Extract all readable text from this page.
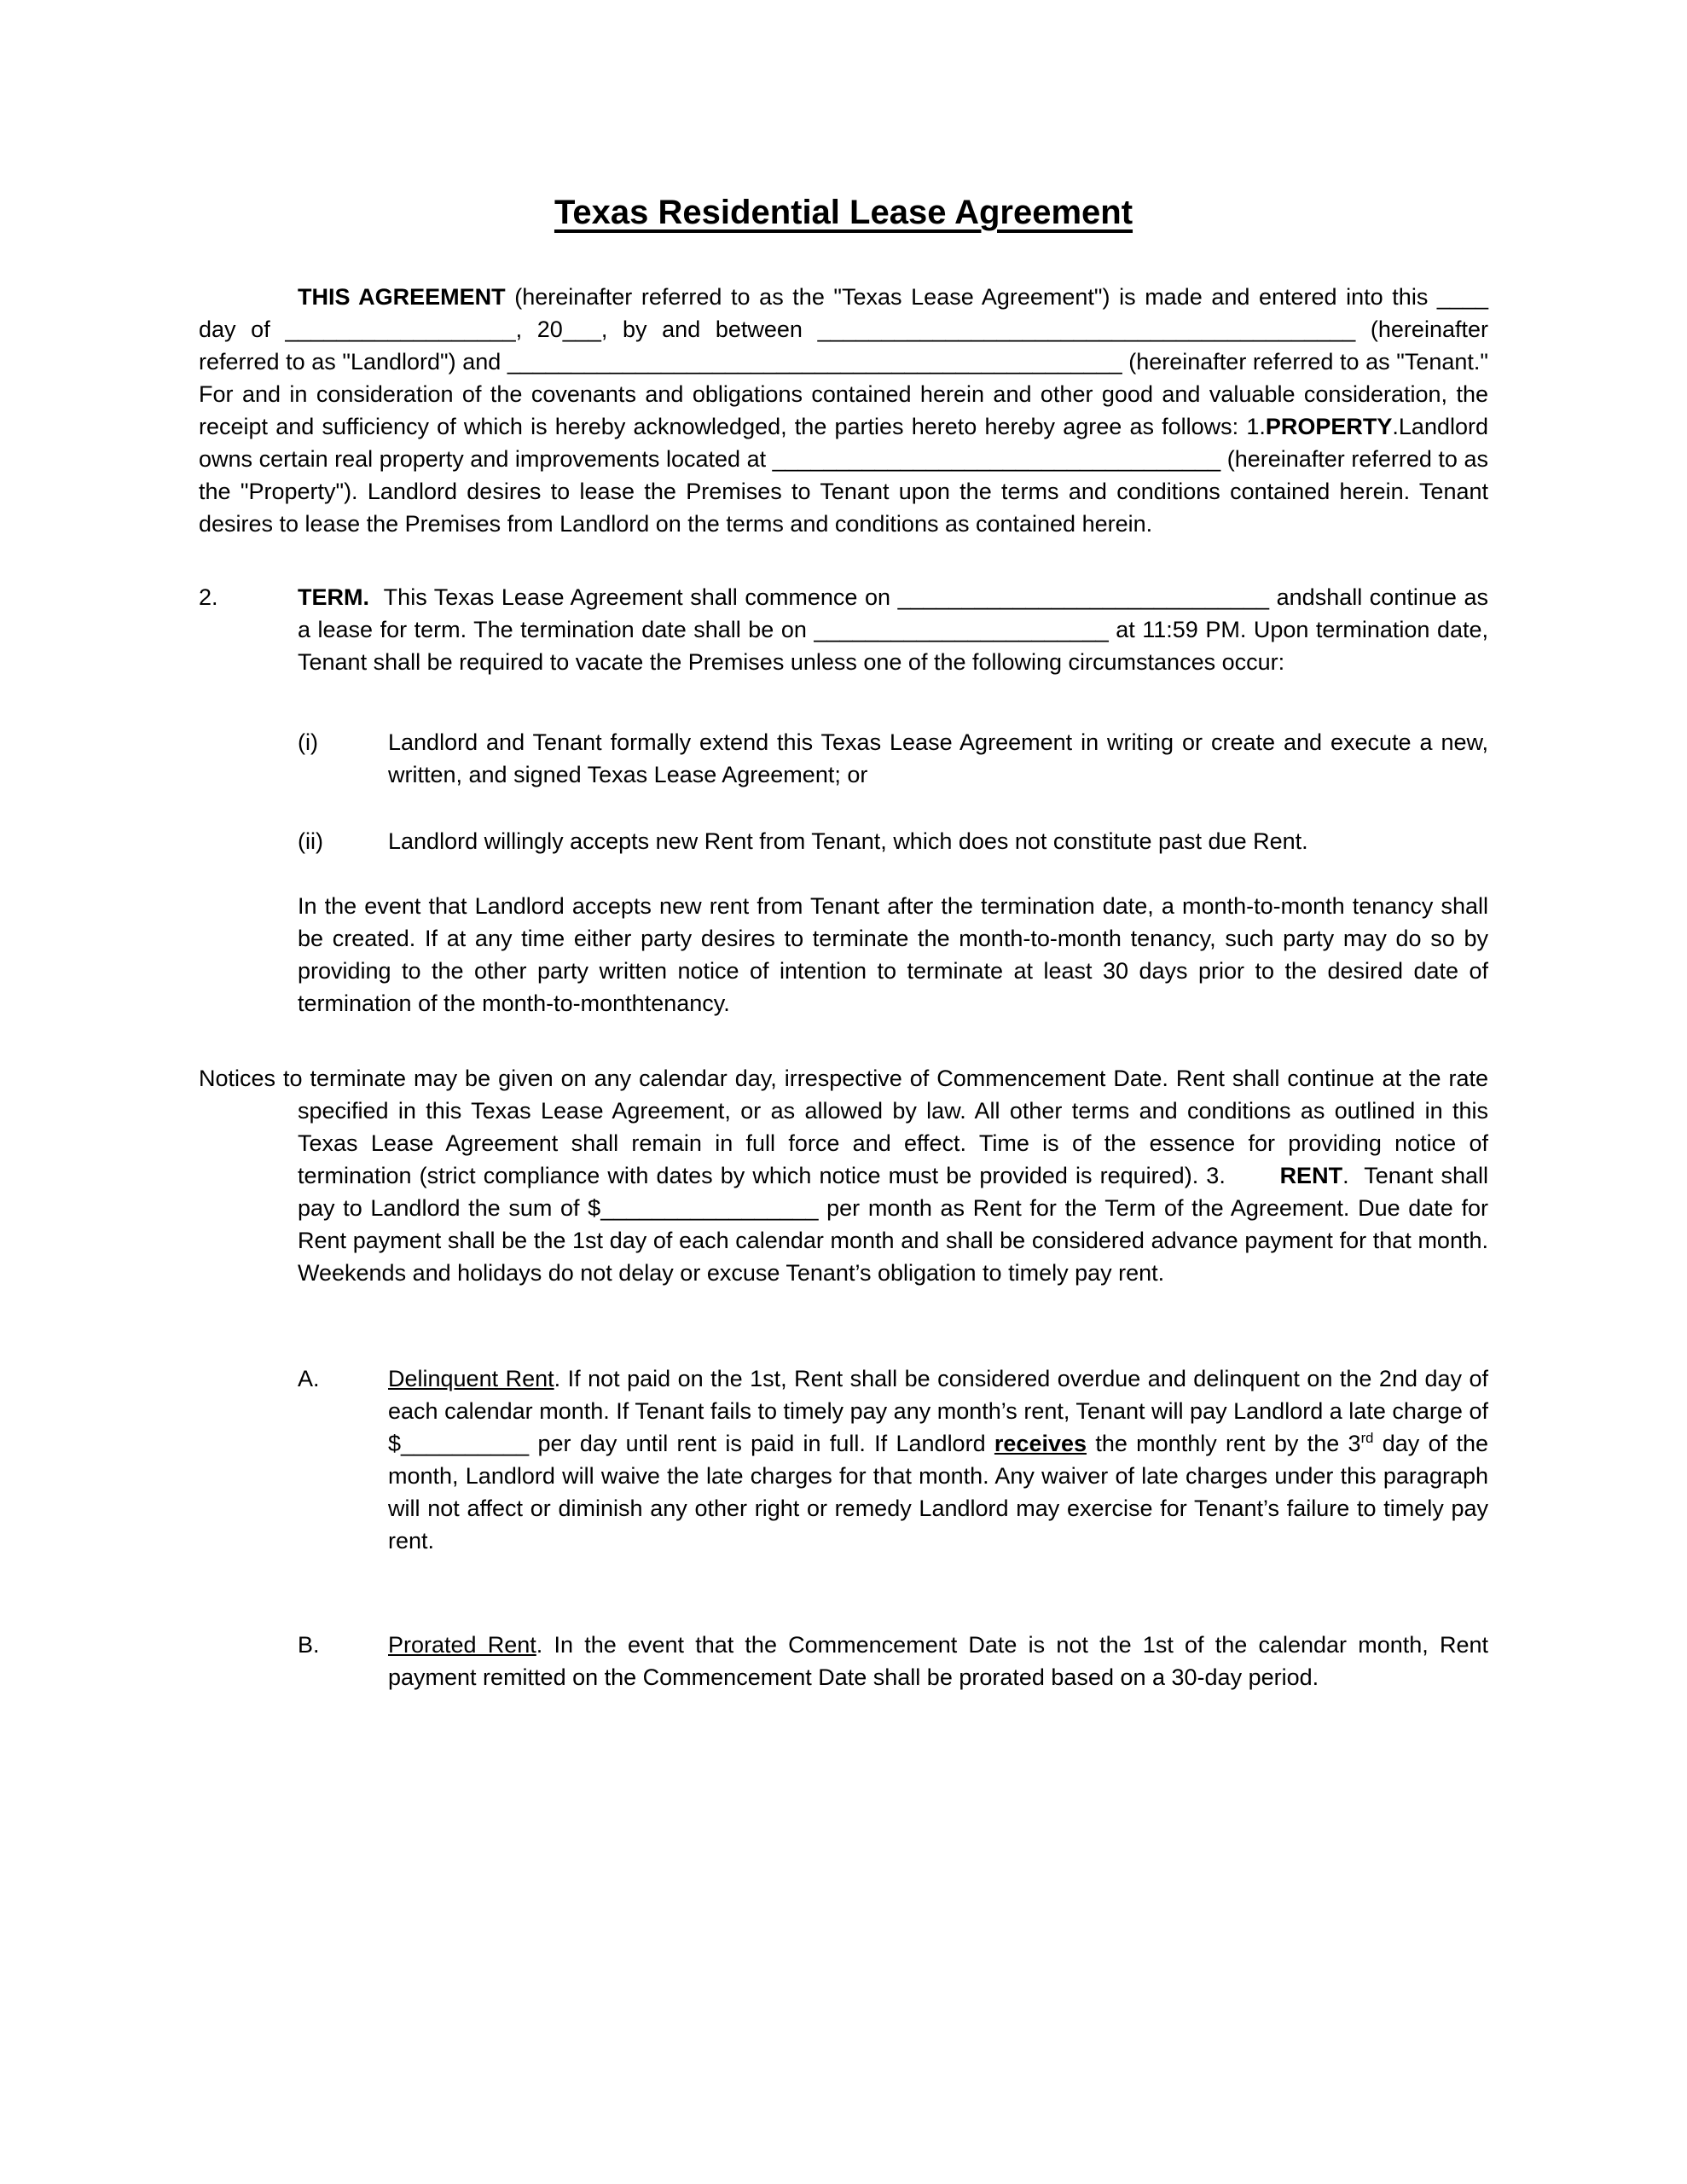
Texas Residential Lease Agreement

THIS AGREEMENT (hereinafter referred to as the "Texas Lease Agreement") is made and entered into this ____ day of __________________, 20___, by and between __________________________________________ (hereinafter referred to as "Landlord") and ________________________________________________ (hereinafter referred to as "Tenant." For and in consideration of the covenants and obligations contained herein and other good and valuable consideration, the receipt and sufficiency of which is hereby acknowledged, the parties hereto hereby agree as follows: 1.PROPERTY.Landlord owns certain real property and improvements located at ___________________________________ (hereinafter referred to as the "Property"). Landlord desires to lease the Premises to Tenant upon the terms and conditions contained herein. Tenant desires to lease the Premises from Landlord on the terms and conditions as contained herein.

2.	TERM.  This Texas Lease Agreement shall commence on _____________________________ andshall continue as a lease for term. The termination date shall be on _______________________ at 11:59 PM. Upon termination date, Tenant shall be required to vacate the Premises unless one of the following circumstances occur:

(i)	Landlord and Tenant formally extend this Texas Lease Agreement in writing or create and execute a new, written, and signed Texas Lease Agreement; or

(ii)	Landlord willingly accepts new Rent from Tenant, which does not constitute past due Rent.

In the event that Landlord accepts new rent from Tenant after the termination date, a month-to-month tenancy shall be created. If at any time either party desires to terminate the month-to-month tenancy, such party may do so by providing to the other party written notice of intention to terminate at least 30 days prior to the desired date of termination of the month-to-monthtenancy.

Notices to terminate may be given on any calendar day, irrespective of Commencement Date. Rent shall continue at the rate specified in this Texas Lease Agreement, or as allowed by law. All other terms and conditions as outlined in this Texas Lease Agreement shall remain in full force and effect. Time is of the essence for providing notice of termination (strict compliance with dates by which notice must be provided is required). 3.       RENT.  Tenant shall pay to Landlord the sum of $_________________ per month as Rent for the Term of the Agreement. Due date for Rent payment shall be the 1st day of each calendar month and shall be considered advance payment for that month. Weekends and holidays do not delay or excuse Tenant’s obligation to timely pay rent.

A.	Delinquent Rent. If not paid on the 1st, Rent shall be considered overdue and delinquent on the 2nd day of each calendar month. If Tenant fails to timely pay any month’s rent, Tenant will pay Landlord a late charge of $__________ per day until rent is paid in full. If Landlord receives the monthly rent by the 3rd day of the month, Landlord will waive the late charges for that month. Any waiver of late charges under this paragraph will not affect or diminish any other right or remedy Landlord may exercise for Tenant’s failure to timely pay rent.

B.	Prorated Rent. In the event that the Commencement Date is not the 1st of the calendar month, Rent payment remitted on the Commencement Date shall be prorated based on a 30-day period.
